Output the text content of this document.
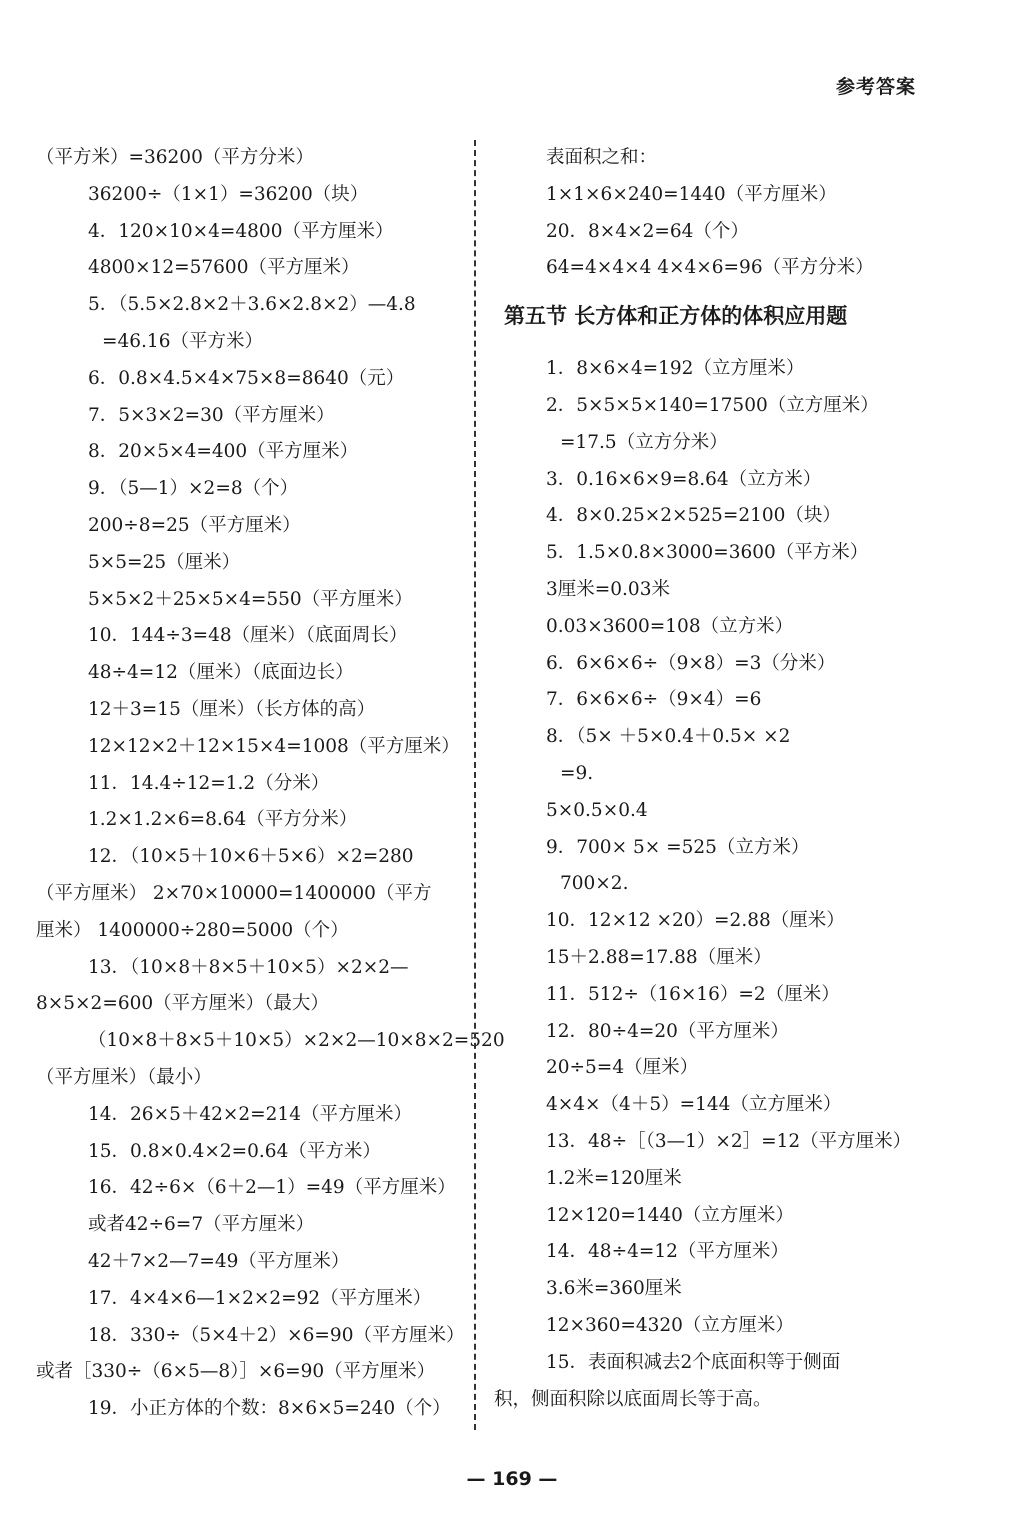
参考答案
（平方米）=36200（平方分米）
36200÷（1×1）=36200（块）
4．120×10×4=4800（平方厘米）
4800×12=57600（平方厘米）
5．（5.5×2.8×2＋3.6×2.8×2）—4.8
=46.16（平方米）
6．0.8×4.5×4×75×8=8640（元）
7．5×3×2=30（平方厘米）
8．20×5×4=400（平方厘米）
9．（5—1）×2=8（个）
200÷8=25（平方厘米）
5×5=25（厘米）
5×5×2＋25×5×4=550（平方厘米）
10．144÷3=48（厘米）（底面周长）
48÷4=12（厘米）（底面边长）
12＋3=15（厘米）（长方体的高）
12×12×2＋12×15×4=1008（平方厘米）
11．14.4÷12=1.2（分米）
1.2×1.2×6=8.64（平方分米）
12．（10×5＋10×6＋5×6）×2=280
（平方厘米） 2×70×10000=1400000（平方
厘米） 1400000÷280=5000（个）
13．（10×8＋8×5＋10×5）×2×2—
8×5×2=600（平方厘米）（最大）
（10×8＋8×5＋10×5）×2×2—10×8×2=520
（平方厘米）（最小）
14．26×5＋42×2=214（平方厘米）
15．0.8×0.4×2=0.64（平方米）
16．42÷6×（6＋2—1）=49（平方厘米）
或者42÷6=7（平方厘米）
42＋7×2—7=49（平方厘米）
17．4×4×6—1×2×2=92（平方厘米）
18．330÷（5×4＋2）×6=90（平方厘米）
或者［330÷（6×5—8）］×6=90（平方厘米）
19．小正方体的个数：8×6×5=240（个）
表面积之和：
1×1×6×240=1440（平方厘米）
20．8×4×2=64（个）
64=4×4×4 4×4×6=96（平方分米）
第五节 长方体和正方体的体积应用题
1．8×6×4=192（立方厘米）
2．5×5×5×140=17500（立方厘米）
=17.5（立方分米）
3．0.16×6×9=8.64（立方米）
4．8×0.25×2×525=2100（块）
5．1.5×0.8×3000=3600（平方米）
3厘米=0.03米
0.03×3600=108（立方米）
6．6×6×6÷（9×8）=3（分米）
7．6×6×6÷（9×4）=6
8．（5× ＋5×0.4＋0.5× ×2
=9.
5×0.5×0.4
9．700× 5× =525（立方米）
700×2.
10．12×12 ×20）=2.88（厘米）
15＋2.88=17.88（厘米）
11．512÷（16×16）=2（厘米）
12．80÷4=20（平方厘米）
20÷5=4（厘米）
4×4×（4＋5）=144（立方厘米）
13．48÷［（3—1）×2］=12（平方厘米）
1.2米=120厘米
12×120=1440（立方厘米）
14．48÷4=12（平方厘米）
3.6米=360厘米
12×360=4320（立方厘米）
15．表面积减去2个底面积等于侧面
积，侧面积除以底面周长等于高。
— 169 —
